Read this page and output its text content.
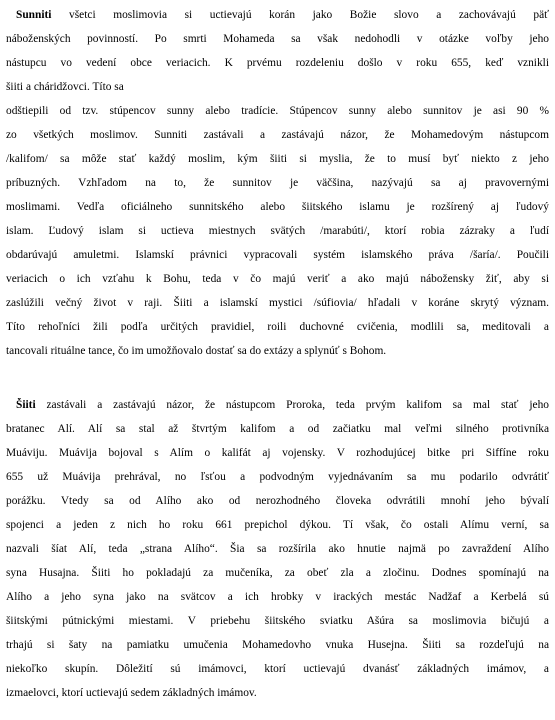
Sunniti všetci moslimovia si uctievajú korán jako Božie slovo a zachovávajú päť
náboženských povinností. Po smrti Mohameda sa však nedohodli v otázke voľby jeho
nástupcu vo vedení obce veriacich. K prvému rozdeleniu došlo v roku 655, keď vznikli
šiiti a cháridžovci. Títo sa
odštiepili od tzv. stúpencov sunny alebo tradície. Stúpencov sunny alebo sunnitov je asi 90 %
zo všetkých moslimov. Sunniti zastávali a zastávajú názor, že Mohamedovým nástupcom
/kalifom/ sa môže stať každý moslim, kým šiiti si myslia, že to musí byť niekto z jeho
príbuzných. Vzhľadom na to, že sunnitov je väčšina, nazývajú sa aj pravovernými
moslimami. Vedľa oficiálneho sunnitského alebo šiitského islamu je rozšírený aj ľudový
islam. Ľudový islam si uctieva miestnych svätých /marabúti/, ktorí robia zázraky a ľudí
obdarúvajú amuletmi. Islamskí právnici vypracovali systém islamského práva /šaría/. Poučili
veriacich o ich vzťahu k Bohu, teda v čo majú veriť a ako majú nábožensky žiť, aby si
zaslúžili večný život v raji. Šiiti a islamskí mystici /súfiovia/ hľadali v koráne skrytý význam.
Títo rehoľníci žili podľa určitých pravidiel, roili duchovné cvičenia, modlili sa, meditovali a
tancovali rituálne tance, čo im umožňovalo dostať sa do extázy a splynúť s Bohom.
Šiiti zastávali a zastávajú názor, že nástupcom Proroka, teda prvým kalifom sa mal stať jeho
bratanec Alí. Alí sa stal až štvrtým kalifom a od začiatku mal veľmi silného protivníka
Muáviju. Muávija bojoval s Alím o kalifát aj vojensky. V rozhodujúcej bitke pri Siffíne roku
655 už Muávija prehrával, no ľsťou a podvodným vyjednávaním sa mu podarilo odvrátiť
porážku. Vtedy sa od Alího ako od nerozhodného človeka odvrátili mnohí jeho bývalí
spojenci a jeden z nich ho roku 661 prepichol dýkou. Tí však, čo ostali Alímu verní, sa
nazvali šíat Alí, teda „strana Alího“. Šia sa rozšírila ako hnutie najmä po zavraždení Alího
syna Husajna. Šiiti ho pokladajú za mučeníka, za obeť zla a zločinu. Dodnes spomínajú na
Alího a jeho syna jako na svätcov a ich hrobky v irackých mestác Nadžaf a Kerbelá sú
šiitskými pútnickými miestami. V priebehu šiitského sviatku Ašúra sa moslimovia bičujú a
trhajú si šaty na pamiatku umučenia Mohamedovho vnuka Husejna. Šiiti sa rozdeľujú na
niekoľko skupín. Dôležití sú imámovci, ktorí uctievajú dvanásť základných imámov, a
izmaelovci, ktorí uctievajú sedem základných imámov.
